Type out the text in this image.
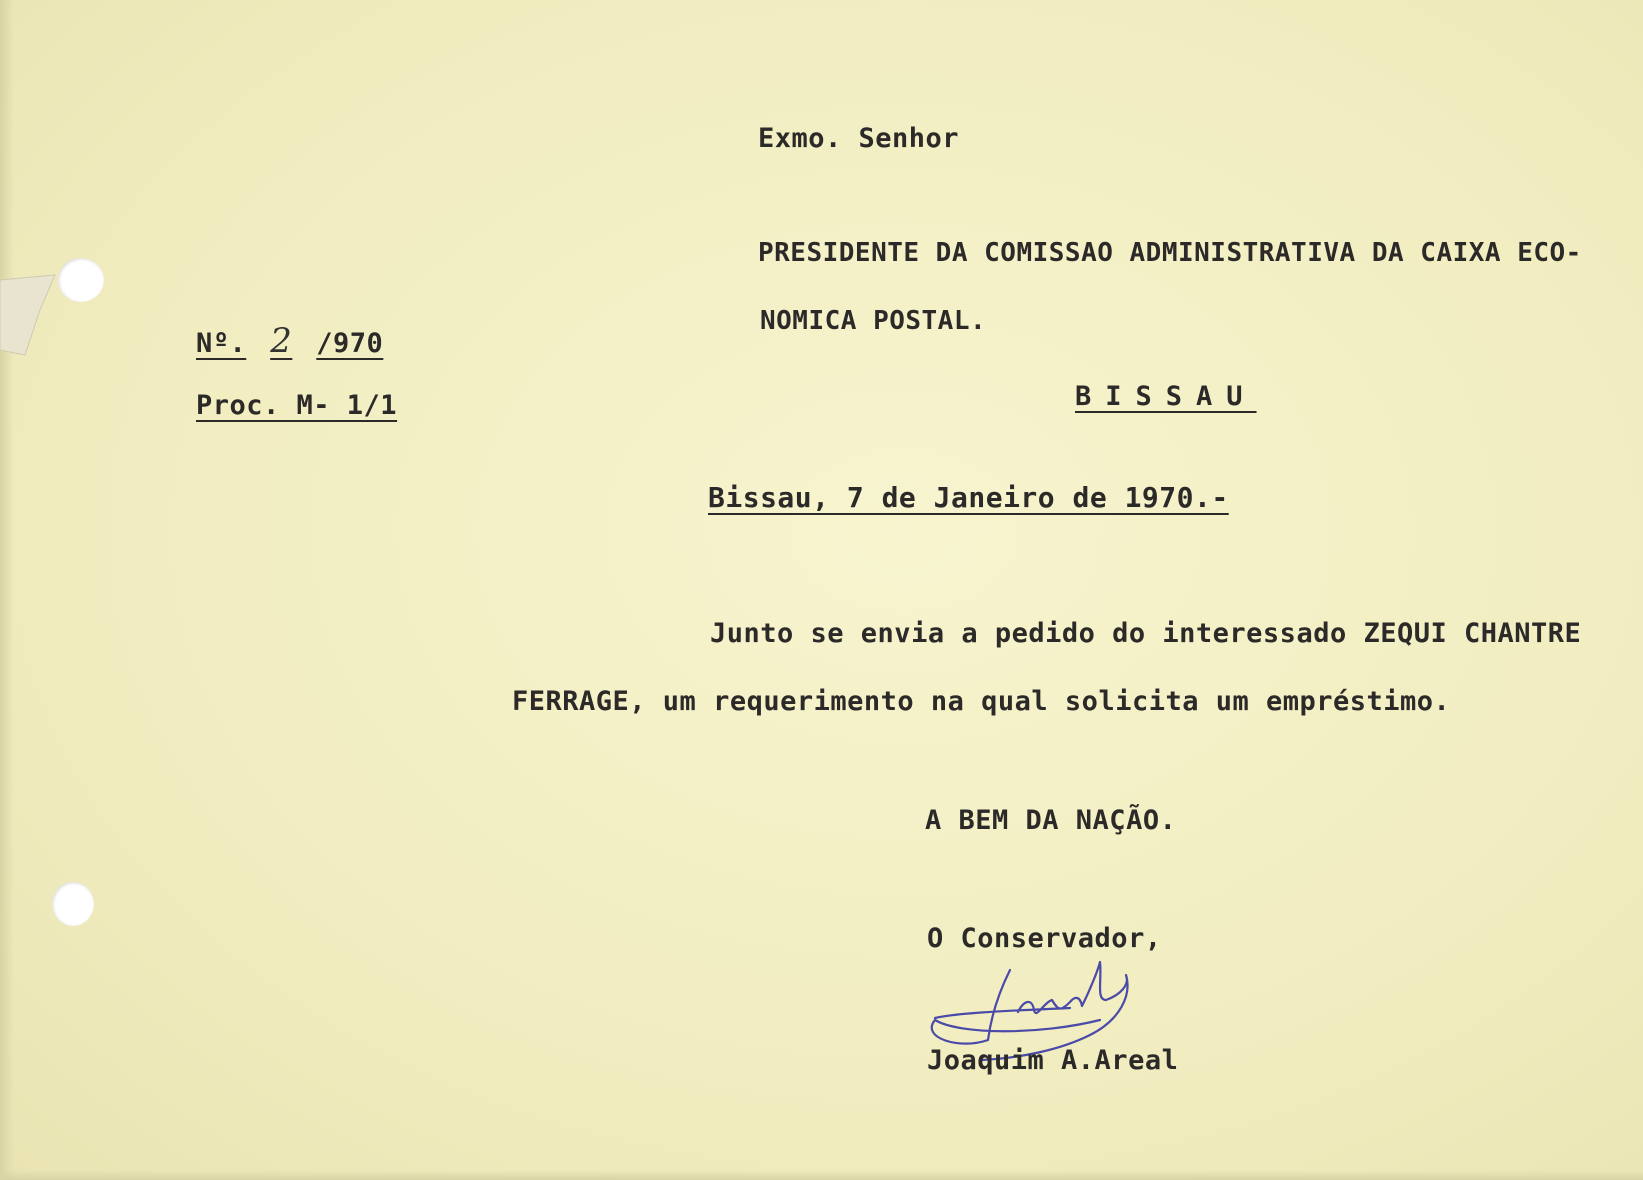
Exmo. Senhor
PRESIDENTE DA COMISSAO ADMINISTRATIVA DA CAIXA ECO-
NOMICA POSTAL.
BISSAU
Nº. 2 /970
Proc. M- 1/1
Bissau, 7 de Janeiro de 1970.-
Junto se envia a pedido do interessado ZEQUI CHANTRE
FERRAGE, um requerimento na qual solicita um empréstimo.
A BEM DA NAÇÃO.
O Conservador,
Joaquim A.Areal
